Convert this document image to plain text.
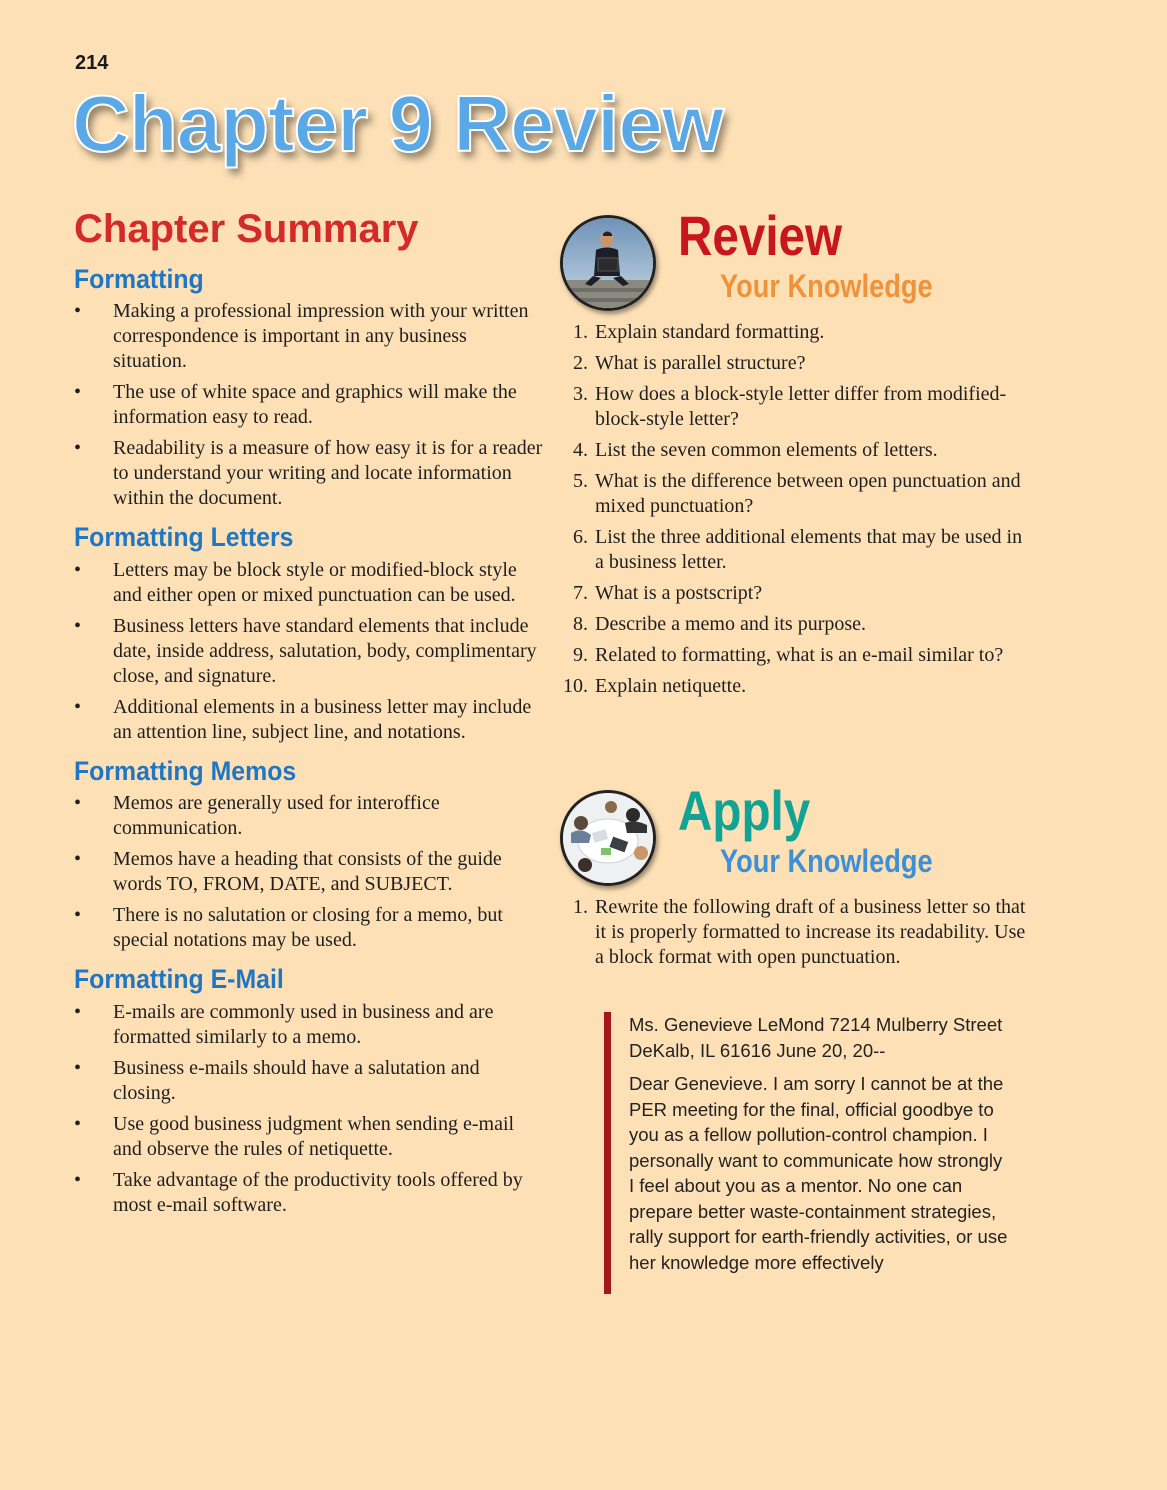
214
Chapter 9 Review
Chapter Summary
Formatting
• Making a professional impression with your written correspondence is important in any business situation.
• The use of white space and graphics will make the information easy to read.
• Readability is a measure of how easy it is for a reader to understand your writing and locate information within the document.
Formatting Letters
• Letters may be block style or modified-block style and either open or mixed punctuation can be used.
• Business letters have standard elements that include date, inside address, salutation, body, complimentary close, and signature.
• Additional elements in a business letter may include an attention line, subject line, and notations.
Formatting Memos
• Memos are generally used for interoffice communication.
• Memos have a heading that consists of the guide words TO, FROM, DATE, and SUBJECT.
• There is no salutation or closing for a memo, but special notations may be used.
Formatting E-Mail
• E-mails are commonly used in business and are formatted similarly to a memo.
• Business e-mails should have a salutation and closing.
• Use good business judgment when sending e-mail and observe the rules of netiquette.
• Take advantage of the productivity tools offered by most e-mail software.
Review
Your Knowledge
1. Explain standard formatting.
2. What is parallel structure?
3. How does a block-style letter differ from modified-block-style letter?
4. List the seven common elements of letters.
5. What is the difference between open punctuation and mixed punctuation?
6. List the three additional elements that may be used in a business letter.
7. What is a postscript?
8. Describe a memo and its purpose.
9. Related to formatting, what is an e-mail similar to?
10. Explain netiquette.
Apply
Your Knowledge
1. Rewrite the following draft of a business letter so that it is properly formatted to increase its readability. Use a block format with open punctuation.

Ms. Genevieve LeMond 7214 Mulberry Street DeKalb, IL 61616 June 20, 20--

Dear Genevieve. I am sorry I cannot be at the PER meeting for the final, official goodbye to you as a fellow pollution-control champion. I personally want to communicate how strongly I feel about you as a mentor. No one can prepare better waste-containment strategies, rally support for earth-friendly activities, or use her knowledge more effectively
